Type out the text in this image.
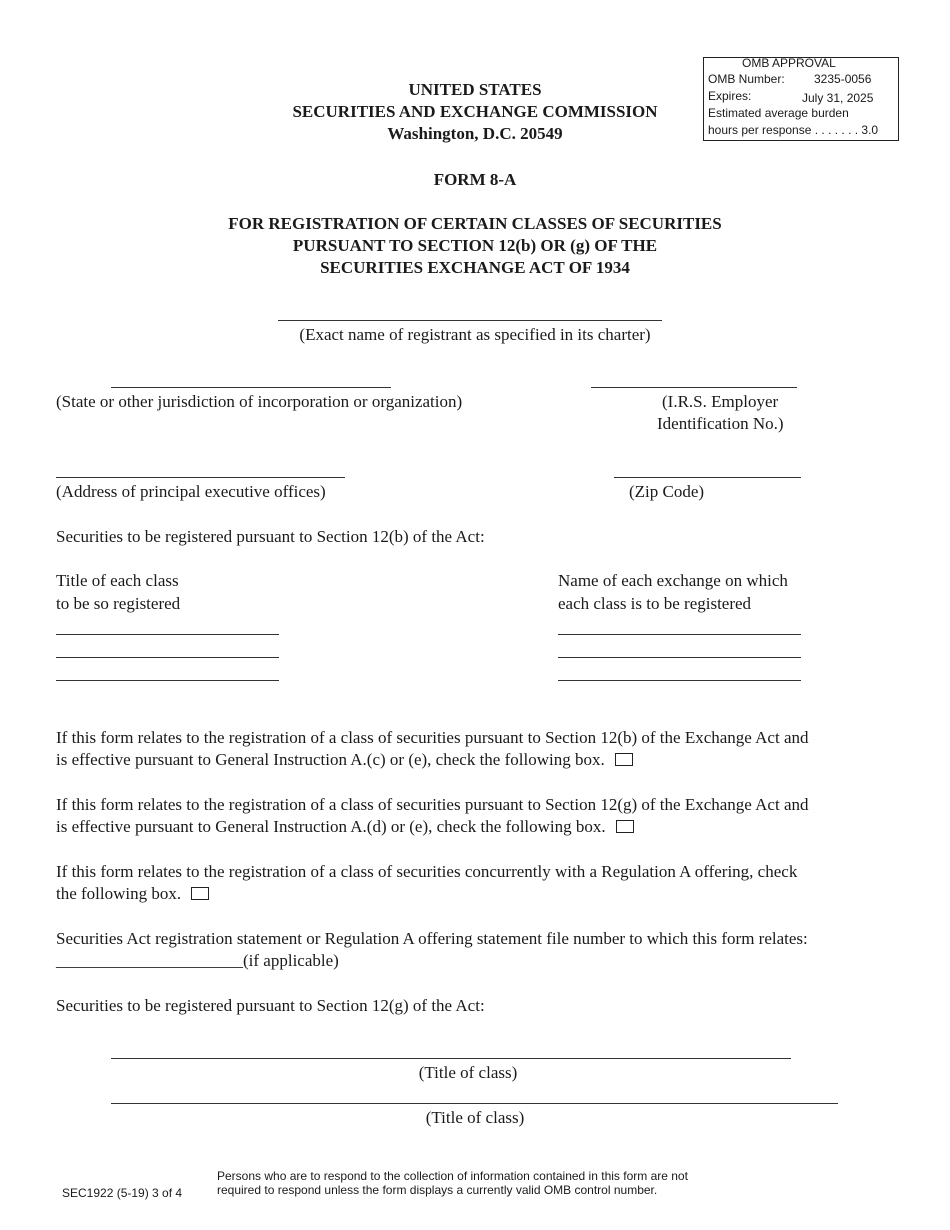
OMB APPROVAL
OMB Number: 3235-0056
Expires:	July 31, 2025
Estimated average burden
hours per response . . . . . . . 3.0
UNITED STATES
SECURITIES AND EXCHANGE COMMISSION
Washington, D.C. 20549
FORM 8-A
FOR REGISTRATION OF CERTAIN CLASSES OF SECURITIES
PURSUANT TO SECTION 12(b) OR (g) OF THE
SECURITIES EXCHANGE ACT OF 1934
(Exact name of registrant as specified in its charter)
(State or other jurisdiction of incorporation or organization)	(I.R.S. Employer
Identification No.)
(Address of principal executive offices)	(Zip Code)
Securities to be registered pursuant to Section 12(b) of the Act:
Title of each class
to be so registered
Name of each exchange on which
each class is to be registered
If this form relates to the registration of a class of securities pursuant to Section 12(b) of the Exchange Act and
is effective pursuant to General Instruction A.(c) or (e), check the following box.
If this form relates to the registration of a class of securities pursuant to Section 12(g) of the Exchange Act and
is effective pursuant to General Instruction A.(d) or (e), check the following box.
If this form relates to the registration of a class of securities concurrently with a Regulation A offering, check
the following box.
Securities Act registration statement or Regulation A offering statement file number to which this form relates:
______________________(if applicable)
Securities to be registered pursuant to Section 12(g) of the Act:
(Title of class)
(Title of class)
SEC1922 (5-19) 3 of 4
Persons who are to respond to the collection of information contained in this form are not
required to respond unless the form displays a currently valid OMB control number.
